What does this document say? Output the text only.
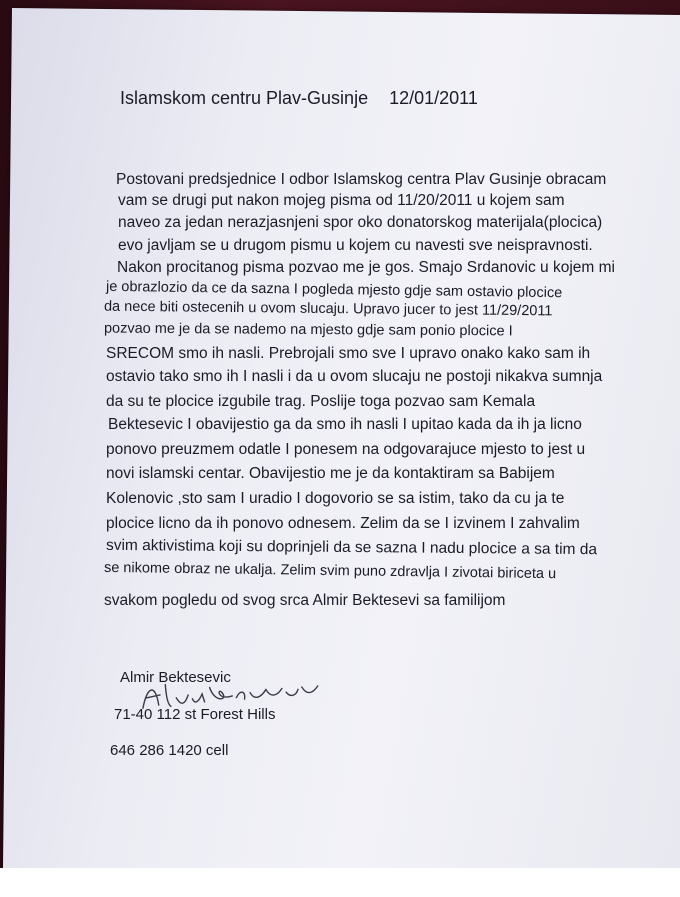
Islamskom centru Plav-Gusinje 12/01/2011
Postovani predsjednice I odbor Islamskog centra Plav Gusinje obracam
vam se drugi put nakon mojeg pisma od 11/20/2011 u kojem sam
naveo za jedan nerazjasnjeni spor oko donatorskog materijala(plocica)
evo javljam se u drugom pismu u kojem cu navesti sve neispravnosti.
Nakon procitanog pisma pozvao me je gos. Smajo Srdanovic u kojem mi
je obrazlozio da ce da sazna I pogleda mjesto gdje sam ostavio plocice
da nece biti ostecenih u ovom slucaju. Upravo jucer to jest 11/29/2011
pozvao me je da se nademo na mjesto gdje sam ponio plocice I
SRECOM smo ih nasli. Prebrojali smo sve I upravo onako kako sam ih
ostavio tako smo ih I nasli i da u ovom slucaju ne postoji nikakva sumnja
da su te plocice izgubile trag. Poslije toga pozvao sam Kemala
Bektesevic I obavijestio ga da smo ih nasli I upitao kada da ih ja licno
ponovo preuzmem odatle I ponesem na odgovarajuce mjesto to jest u
novi islamski centar. Obavijestio me je da kontaktiram sa Babijem
Kolenovic ,sto sam I uradio I dogovorio se sa istim, tako da cu ja te
plocice licno da ih ponovo odnesem. Zelim da se I izvinem I zahvalim
svim aktivistima koji su doprinjeli da se sazna I nadu plocice a sa tim da
se nikome obraz ne ukalja. Zelim svim puno zdravlja I zivotai biriceta u
svakom pogledu od svog srca Almir Bektesevi sa familijom
Almir Bektesevic
71-40 112 st Forest Hills
646 286 1420 cell
